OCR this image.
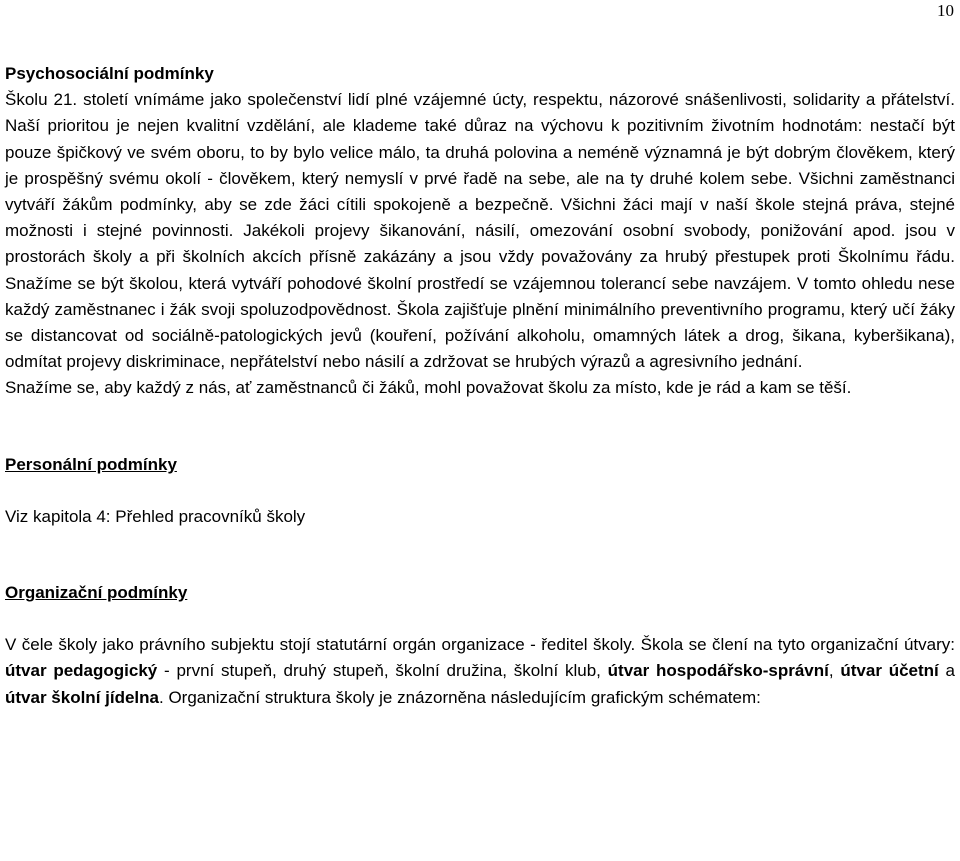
10

Psychosociální podmínky

Školu 21. století vnímáme jako společenství lidí plné vzájemné úcty, respektu, názorové snášenlivosti, solidarity a přátelství. Naší prioritou je nejen kvalitní vzdělání, ale klademe také důraz na výchovu k pozitivním životním hodnotám: nestačí být pouze špičkový ve svém oboru, to by bylo velice málo, ta druhá polovina a neméně významná je být dobrým člověkem, který je prospěšný svému okolí - člověkem, který nemyslí v prvé řadě na sebe, ale na ty druhé kolem sebe. Všichni zaměstnanci vytváří žákům podmínky, aby se zde žáci cítili spokojeně a bezpečně. Všichni žáci mají v naší škole stejná práva, stejné možnosti i stejné povinnosti. Jakékoli projevy šikanování, násilí, omezování osobní svobody, ponižování apod. jsou v prostorách školy a při školních akcích přísně zakázány a jsou vždy považovány za hrubý přestupek proti Školnímu řádu. Snažíme se být školou, která vytváří pohodové školní prostředí se vzájemnou tolerancí sebe navzájem. V tomto ohledu nese každý zaměstnanec i žák svoji spoluzodpovědnost. Škola zajišťuje plnění minimálního preventivního programu, který učí žáky se distancovat od sociálně-patologických jevů (kouření, požívání alkoholu, omamných látek a drog, šikana, kyberšikana), odmítat projevy diskriminace, nepřátelství nebo násilí a zdržovat se hrubých výrazů a agresivního jednání.

Snažíme se, aby každý z nás, ať zaměstnanců či žáků, mohl považovat školu za místo, kde je rád a kam se těší.

Personální podmínky

Viz kapitola 4: Přehled pracovníků školy

Organizační podmínky

V čele školy jako právního subjektu stojí statutární orgán organizace - ředitel školy. Škola se člení na tyto organizační útvary: útvar pedagogický - první stupeň, druhý stupeň, školní družina, školní klub, útvar hospodářsko-správní, útvar účetní a útvar školní jídelna. Organizační struktura školy je znázorněna následujícím grafickým schématem:
